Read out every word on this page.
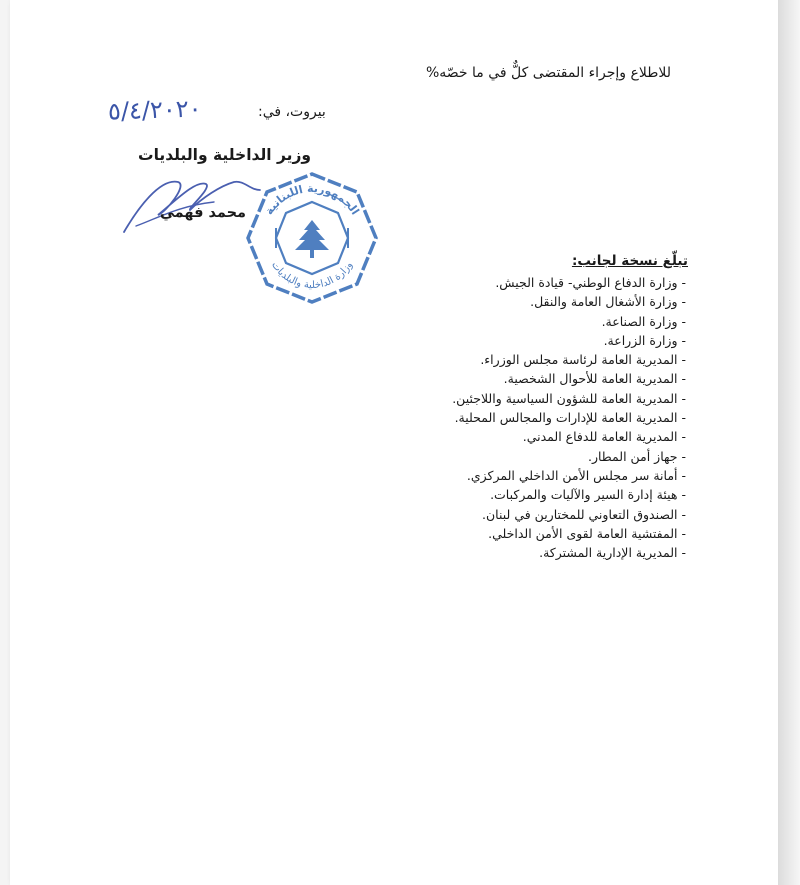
للاطلاع وإجراء المقتضى كلٌّ في ما خصّه%
بيروت، في:
٥/٤/٢٠٢٠
الجمهورية اللبنانية
وزارة الداخلية والبلديات
وزير الداخلية والبلديات
محمد فهمي
تبلّغ نسخة لجانب:
- وزارة الدفاع الوطني- قيادة الجيش.
- وزارة الأشغال العامة والنقل.
- وزارة الصناعة.
- وزارة الزراعة.
- المديرية العامة لرئاسة مجلس الوزراء.
- المديرية العامة للأحوال الشخصية.
- المديرية العامة للشؤون السياسية واللاجئين.
- المديرية العامة للإدارات والمجالس المحلية.
- المديرية العامة للدفاع المدني.
- جهاز أمن المطار.
- أمانة سر مجلس الأمن الداخلي المركزي.
- هيئة إدارة السير والآليات والمركبات.
- الصندوق التعاوني للمختارين في لبنان.
- المفتشية العامة لقوى الأمن الداخلي.
- المديرية الإدارية المشتركة.
